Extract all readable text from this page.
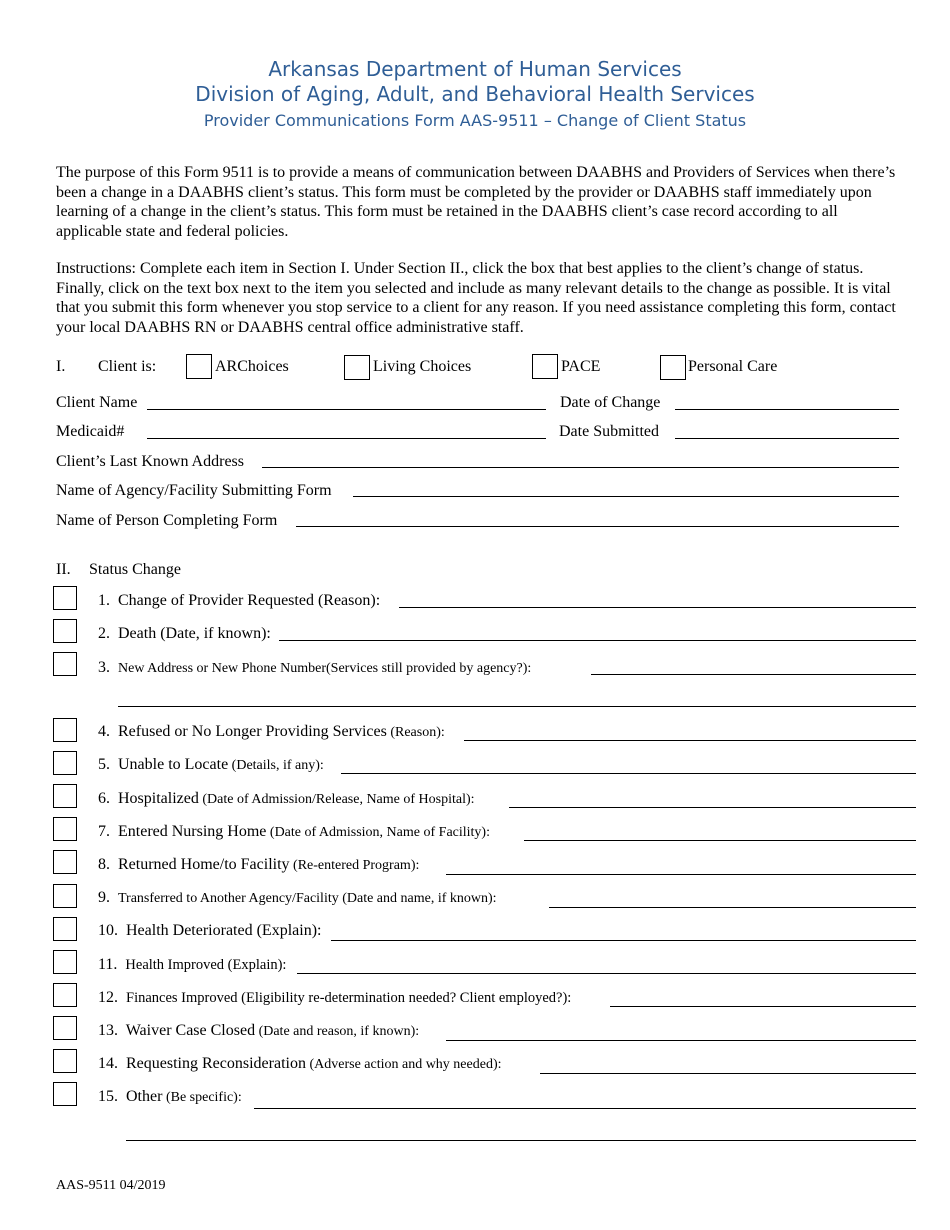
Arkansas Department of Human Services
Division of Aging, Adult, and Behavioral Health Services
Provider Communications Form AAS-9511 – Change of Client Status

The purpose of this Form 9511 is to provide a means of communication between DAABHS and Providers of Services when there’s been a change in a DAABHS client’s status. This form must be completed by the provider or DAABHS staff immediately upon learning of a change in the client’s status. This form must be retained in the DAABHS client’s case record according to all applicable state and federal policies.

Instructions: Complete each item in Section I. Under Section II., click the box that best applies to the client’s change of status. Finally, click on the text box next to the item you selected and include as many relevant details to the change as possible. It is vital that you submit this form whenever you stop service to a client for any reason. If you need assistance completing this form, contact your local DAABHS RN or DAABHS central office administrative staff.

I. Client is:	ARChoices	Living Choices	PACE	Personal Care
Client Name	Date of Change
Medicaid#	Date Submitted
Client’s Last Known Address
Name of Agency/Facility Submitting Form
Name of Person Completing Form
II. Status Change
1. Change of Provider Requested (Reason):
2. Death (Date, if known):
3. New Address or New Phone Number(Services still provided by agency?):
4. Refused or No Longer Providing Services (Reason):
5. Unable to Locate (Details, if any):
6. Hospitalized (Date of Admission/Release, Name of Hospital):
7. Entered Nursing Home (Date of Admission, Name of Facility):
8. Returned Home/to Facility (Re-entered Program):
9. Transferred to Another Agency/Facility (Date and name, if known):
10. Health Deteriorated (Explain):
11. Health Improved (Explain):
12. Finances Improved (Eligibility re-determination needed? Client employed?):
13. Waiver Case Closed (Date and reason, if known):
14. Requesting Reconsideration (Adverse action and why needed):
15. Other (Be specific):
AAS-9511 04/2019
